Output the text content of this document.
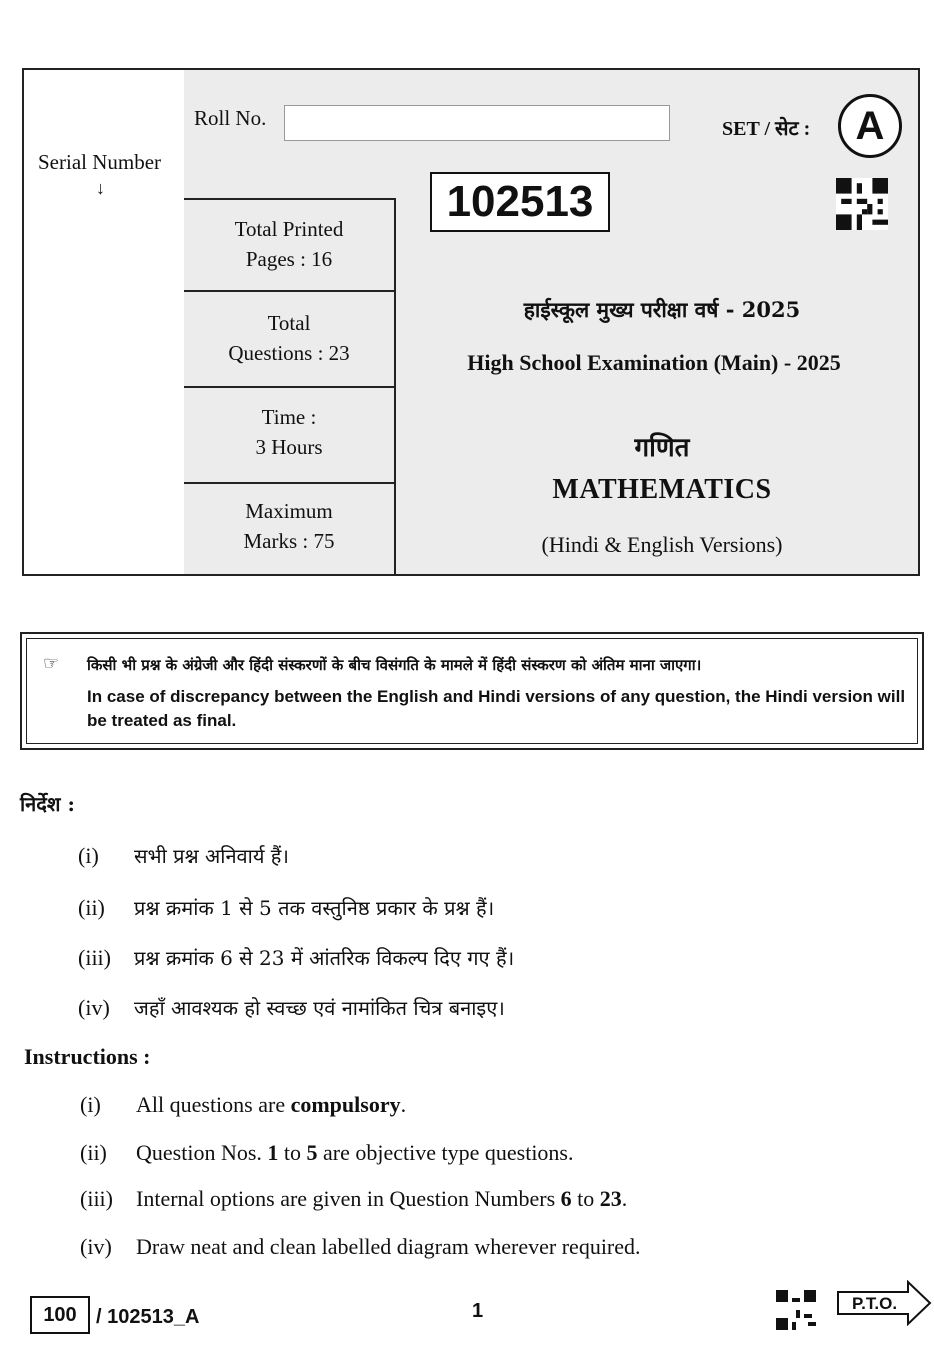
Serial Number
↓
Roll No.	SET / सेट :	A
102513
Total Printed
Pages : 16
Total
Questions : 23
Time :
3 Hours
Maximum
Marks : 75
हाईस्कूल मुख्य परीक्षा वर्ष - 2025
High School Examination (Main) - 2025
गणित
MATHEMATICS
(Hindi & English Versions)
☞ किसी भी प्रश्न के अंग्रेजी और हिंदी संस्करणों के बीच विसंगति के मामले में हिंदी संस्करण को अंतिम माना जाएगा।
In case of discrepancy between the English and Hindi versions of any question, the Hindi version will be treated as final.
निर्देश :
(i) सभी प्रश्न अनिवार्य हैं।
(ii) प्रश्न क्रमांक 1 से 5 तक वस्तुनिष्ठ प्रकार के प्रश्न हैं।
(iii) प्रश्न क्रमांक 6 से 23 में आंतरिक विकल्प दिए गए हैं।
(iv) जहाँ आवश्यक हो स्वच्छ एवं नामांकित चित्र बनाइए।
Instructions :
(i) All questions are compulsory.
(ii) Question Nos. 1 to 5 are objective type questions.
(iii) Internal options are given in Question Numbers 6 to 23.
(iv) Draw neat and clean labelled diagram wherever required.
100 / 102513_A	1	P.T.O.
